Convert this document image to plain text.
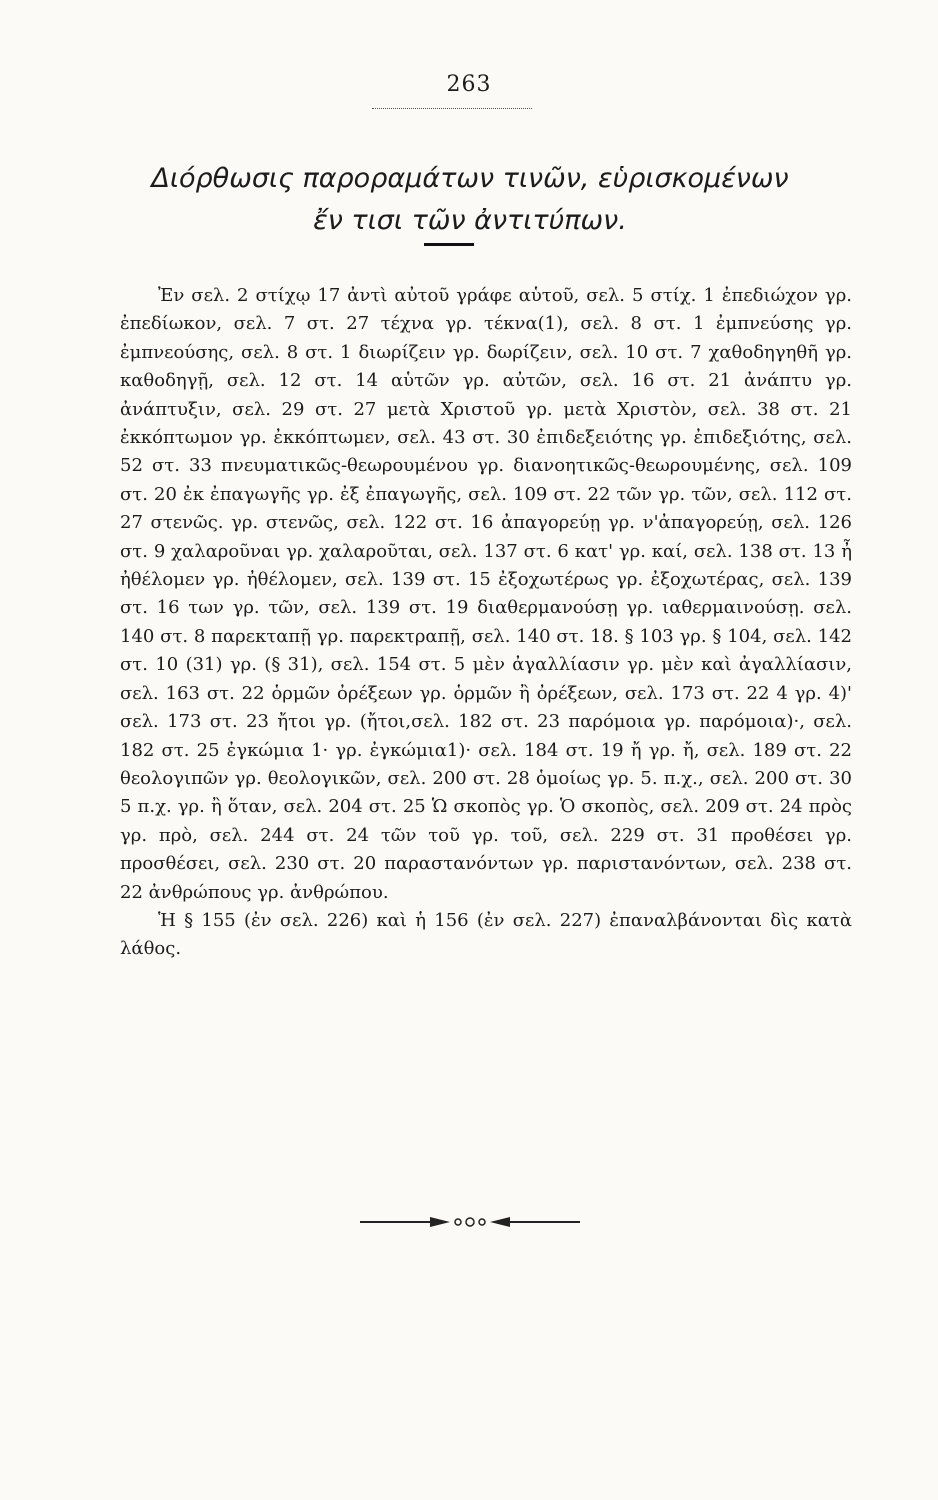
263
Διόρθωσις παροραμάτων τινῶν, εὑρισκομένων
ἔν τισι τῶν ἀντιτύπων.

Ἐν σελ. 2 στίχῳ 17 ἀντὶ αὐτοῦ γράφε αὑτοῦ, σελ. 5 στίχ. 1 ἐπεδιώχον γρ. ἐπεδίωκον, σελ. 7 στ. 27 τέχνα γρ. τέκνα(1), σελ. 8 στ. 1 ἐμπνεύσης γρ. ἐμπνεούσης, σελ. 8 στ. 1 διωρίζειν γρ. δωρίζειν, σελ. 10 στ. 7 χαθοδηγηθῆ γρ. καθοδηγῇ, σελ. 12 στ. 14 αὑτῶν γρ. αὐτῶν, σελ. 16 στ. 21 ἀνάπτυ γρ. ἀνάπτυξιν, σελ. 29 στ. 27 μετὰ Χριστοῦ γρ. μετὰ Χριστὸν, σελ. 38 στ. 21 ἐκκόπτωμον γρ. ἐκκόπτωμεν, σελ. 43 στ. 30 ἐπιδεξειότης γρ. ἐπιδεξιότης, σελ. 52 στ. 33 πνευματικῶς-θεωρουμένου γρ. διανοητικῶς-θεωρουμένης, σελ. 109 στ. 20 ἐκ ἐπαγωγῆς γρ. ἐξ ἐπαγωγῆς, σελ. 109 στ. 22 τῶν γρ. τῶν, σελ. 112 στ. 27 στενῶς. γρ. στενῶς, σελ. 122 στ. 16 ἀπαγορεύῃ γρ. ν'ἀπαγορεύῃ, σελ. 126 στ. 9 χαλαροῦναι γρ. χαλαροῦται, σελ. 137 στ. 6 κατ' γρ. καί, σελ. 138 στ. 13 ἦ ἠθέλομεν γρ. ἠθέλομεν, σελ. 139 στ. 15 ἐξοχωτέρως γρ. ἐξοχωτέρας, σελ. 139 στ. 16 των γρ. τῶν, σελ. 139 στ. 19 διαθερμανούσῃ γρ. ιαθερμαινούσῃ. σελ. 140 στ. 8 παρεκταπῇ γρ. παρεκτραπῇ, σελ. 140 στ. 18. § 103 γρ. § 104, σελ. 142 στ. 10 (31) γρ. (§ 31), σελ. 154 στ. 5 μὲν ἀγαλλίασιν γρ. μὲν καὶ ἀγαλλίασιν, σελ. 163 στ. 22 ὁρμῶν ὀρέξεων γρ. ὁρμῶν ἢ ὀρέξεων, σελ. 173 στ. 22 4 γρ. 4)' σελ. 173 στ. 23 ἤτοι γρ. (ἤτοι,σελ. 182 στ. 23 παρόμοια γρ. παρόμοια)·, σελ. 182 στ. 25 ἐγκώμια 1· γρ. ἐγκώμια1)· σελ. 184 στ. 19 ἤ γρ. ἤ, σελ. 189 στ. 22 θεολογιπῶν γρ. θεολογικῶν, σελ. 200 στ. 28 ὁμοίως γρ. 5. π.χ., σελ. 200 στ. 30 5 π.χ. γρ. ἢ ὅταν, σελ. 204 στ. 25 Ὡ σκοπὸς γρ. Ὁ σκοπὸς, σελ. 209 στ. 24 πρὸς γρ. πρὸ, σελ. 244 στ. 24 τῶν τοῦ γρ. τοῦ, σελ. 229 στ. 31 προθέσει γρ. προσθέσει, σελ. 230 στ. 20 παραστανόντων γρ. παριστανόντων, σελ. 238 στ. 22 ἀνθρώπους γρ. ἀνθρώπου.

Ἡ § 155 (ἐν σελ. 226) καὶ ἡ 156 (ἐν σελ. 227) ἐπαναλβάνονται δὶς κατὰ λάθος.
